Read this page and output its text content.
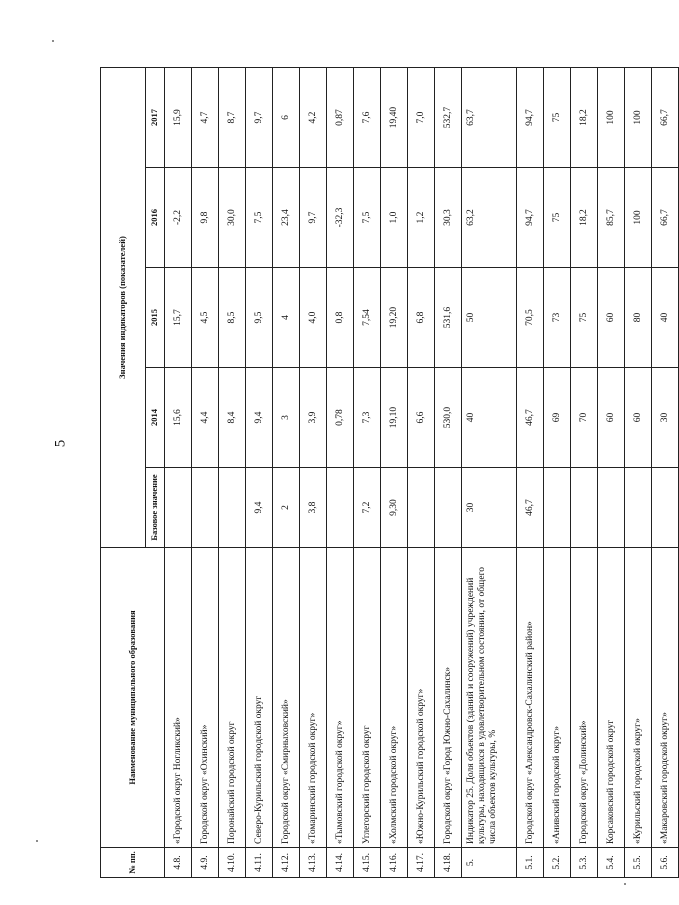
5
№ пп.	Наименование муниципального образования	Значения индикаторов (показателей)				
		Базовое значение	2014	2015	2016	2017
4.8.	«Городской округ Ногликский»		15,6	15,7	-2,2	15,9
4.9.	Городской округ «Охинский»		4,4	4,5	9,8	4,7
4.10.	Поронайский городской округ		8,4	8,5	30,0	8,7
4.11.	Северо-Курильский городской округ	9,4	9,4	9,5	7,5	9,7
4.12.	Городской округ «Смирныховский»	2	3	4	23,4	6
4.13.	«Томаринский городской округ»	3,8	3,9	4,0	9,7	4,2
4.14.	«Тымовский городской округ»		0,78	0,8	-32,3	0,87
4.15.	Углегорский городской округ	7,2	7,3	7,54	7,5	7,6
4.16.	«Холмский городской округ»	9,30	19,10	19,20	1,0	19,40
4.17.	«Южно-Курильский городской округ»		6,6	6,8	1,2	7,0
4.18.	Городской округ «Город Южно-Сахалинск»		530,0	531,6	30,3	532,7
5.	Индикатор 25. Доля объектов (зданий и сооружений) учреждений культуры, находящихся в удовлетворительном состоянии, от общего числа объектов культуры, %	30	40	50	63,2	63,7
5.1.	Городской округ «Александровск-Сахалинский район»	46,7	46,7	70,5	94,7	94,7
5.2.	«Анивский городской округ»		69	73	75	75
5.3.	Городской округ «Долинский»		70	75	18,2	18,2
5.4.	Корсаковский городской округ		60	60	85,7	100
5.5.	«Курильский городской округ»		60	80	100	100
5.6.	«Макаровский городской округ»		30	40	66,7	66,7
